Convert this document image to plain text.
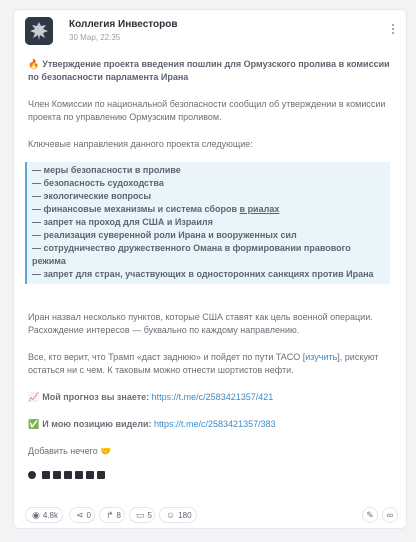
Коллегия Инвесторов
30 Мар, 22:35
🔥 Утверждение проекта введения пошлин для Ормузского пролива в комиссии по безопасности парламента Ирана

Член Комиссии по национальной безопасности сообщил об утверждении в комиссии проекта по управлению Ормузским проливом.

Ключевые направления данного проекта следующие:

— меры безопасности в проливе
— безопасность судоходства
— экологические вопросы
— финансовые механизмы и система сборов в риалах
— запрет на проход для США и Израиля
— реализация суверенной роли Ирана и вооруженных сил
— сотрудничество дружественного Омана в формировании правового режима
— запрет для стран, участвующих в односторонних санкциях против Ирана

Иран назвал несколько пунктов, которые США ставят как цель военной операции. Расхождение интересов — буквально по каждому направлению.

Все, кто верит, что Трамп «даст заднюю» и пойдет по пути TACO [изучить], рискуют остаться ни с чем. К таковым можно отнести шортистов нефти.

📈 Мой прогноз вы знаете: https://t.me/c/2583421357/421

✅ И мою позицию видели: https://t.me/c/2583421357/383

Добавить нечего 🤝

◉ 4.8k ⋖ 0 ↱ 8 ▭ 5 ☺ 180	✎ ∞
